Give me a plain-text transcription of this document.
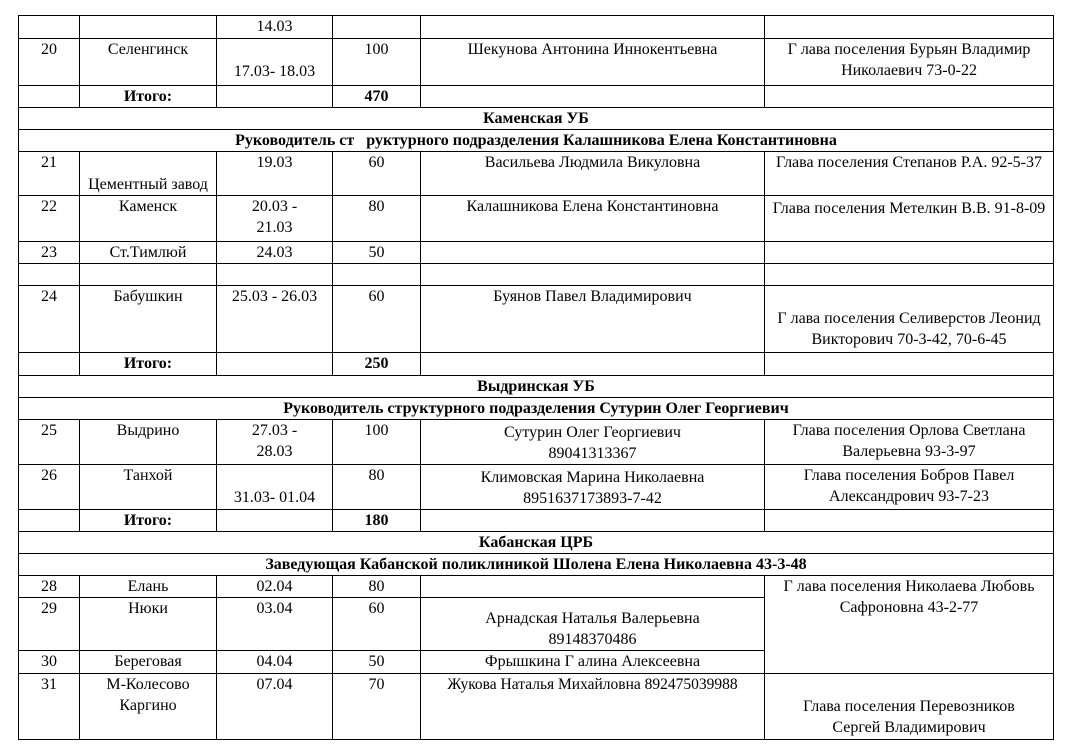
		14.03			
20	Селенгинск	17.03- 18.03	100	Шекунова Антонина Иннокентьевна	Г лава поселения Бурьян Владимир Николаевич 73-0-22
	Итого:		470		
Каменская УБ					
Руководитель ст   руктурного подразделения Калашникова Елена Константиновна					
21	Цементный завод	19.03	60	Васильева Людмила Викуловна	Глава поселения Степанов Р.А. 92-5-37
22	Каменск	20.03 - 21.03	80	Калашникова Елена Константиновна	Глава поселения Метелкин В.В. 91-8-09
23	Ст.Тимлюй	24.03	50		

24	Бабушкин	25.03 - 26.03	60	Буянов Павел Владимирович	Г лава поселения Селиверстов Леонид Викторович 70-3-42, 70-6-45
	Итого:		250		
Выдринская УБ					
Руководитель структурного подразделения Сутурин Олег Георгиевич					
25	Выдрино	27.03 - 28.03	100	Сутурин Олег Георгиевич 89041313367	Глава поселения Орлова Светлана Валерьевна 93-3-97
26	Танхой	31.03- 01.04	80	Климовская Марина Николаевна 8951637173893-7-42	Глава поселения Бобров Павел Александрович 93-7-23
	Итого:		180		
Кабанская ЦРБ					
Заведующая Кабанской поликлиникой Шолена Елена Николаевна 43-3-48					
28	Елань	02.04	80		Г лава поселения Николаева Любовь Сафроновна 43-2-77
29	Нюки	03.04	60	Арнадская Наталья Валерьевна 89148370486	
30	Береговая	04.04	50	Фрышкина Г алина Алексеевна	
31	М-Колесово Каргино	07.04	70	Жукова Наталья Михайловна 892475039988	Глава поселения Перевозников Сергей Владимирович
